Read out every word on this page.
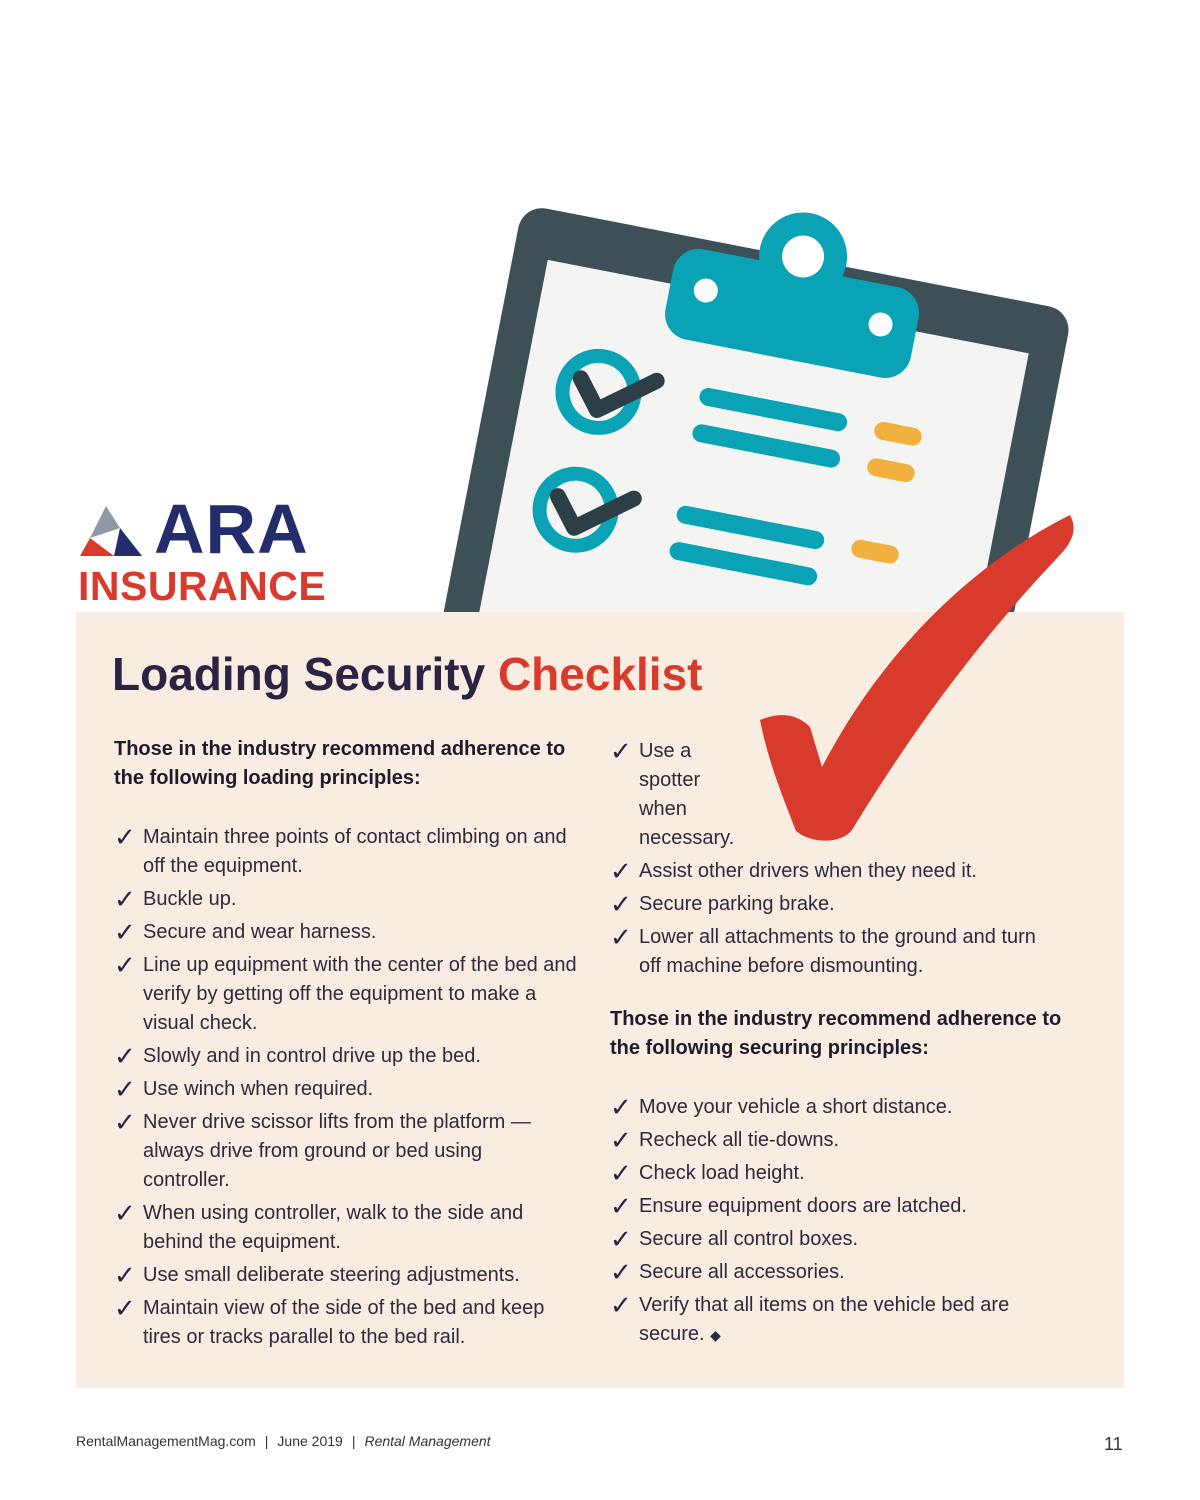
ARA
INSURANCE
Loading Security Checklist

Those in the industry recommend adherence to the following loading principles:

✓ Maintain three points of contact climbing on and off the equipment.
✓ Buckle up.
✓ Secure and wear harness.
✓ Line up equipment with the center of the bed and verify by getting off the equipment to make a visual check.
✓ Slowly and in control drive up the bed.
✓ Use winch when required.
✓ Never drive scissor lifts from the platform — always drive from ground or bed using controller.
✓ When using controller, walk to the side and behind the equipment.
✓ Use small deliberate steering adjustments.
✓ Maintain view of the side of the bed and keep tires or tracks parallel to the bed rail.
✓ Use a spotter when necessary.
✓ Assist other drivers when they need it.
✓ Secure parking brake.
✓ Lower all attachments to the ground and turn off machine before dismounting.

Those in the industry recommend adherence to the following securing principles:

✓ Move your vehicle a short distance.
✓ Recheck all tie-downs.
✓ Check load height.
✓ Ensure equipment doors are latched.
✓ Secure all control boxes.
✓ Secure all accessories.
✓ Verify that all items on the vehicle bed are secure. ◆
RentalManagementMag.com | June 2019 | Rental Management	11
